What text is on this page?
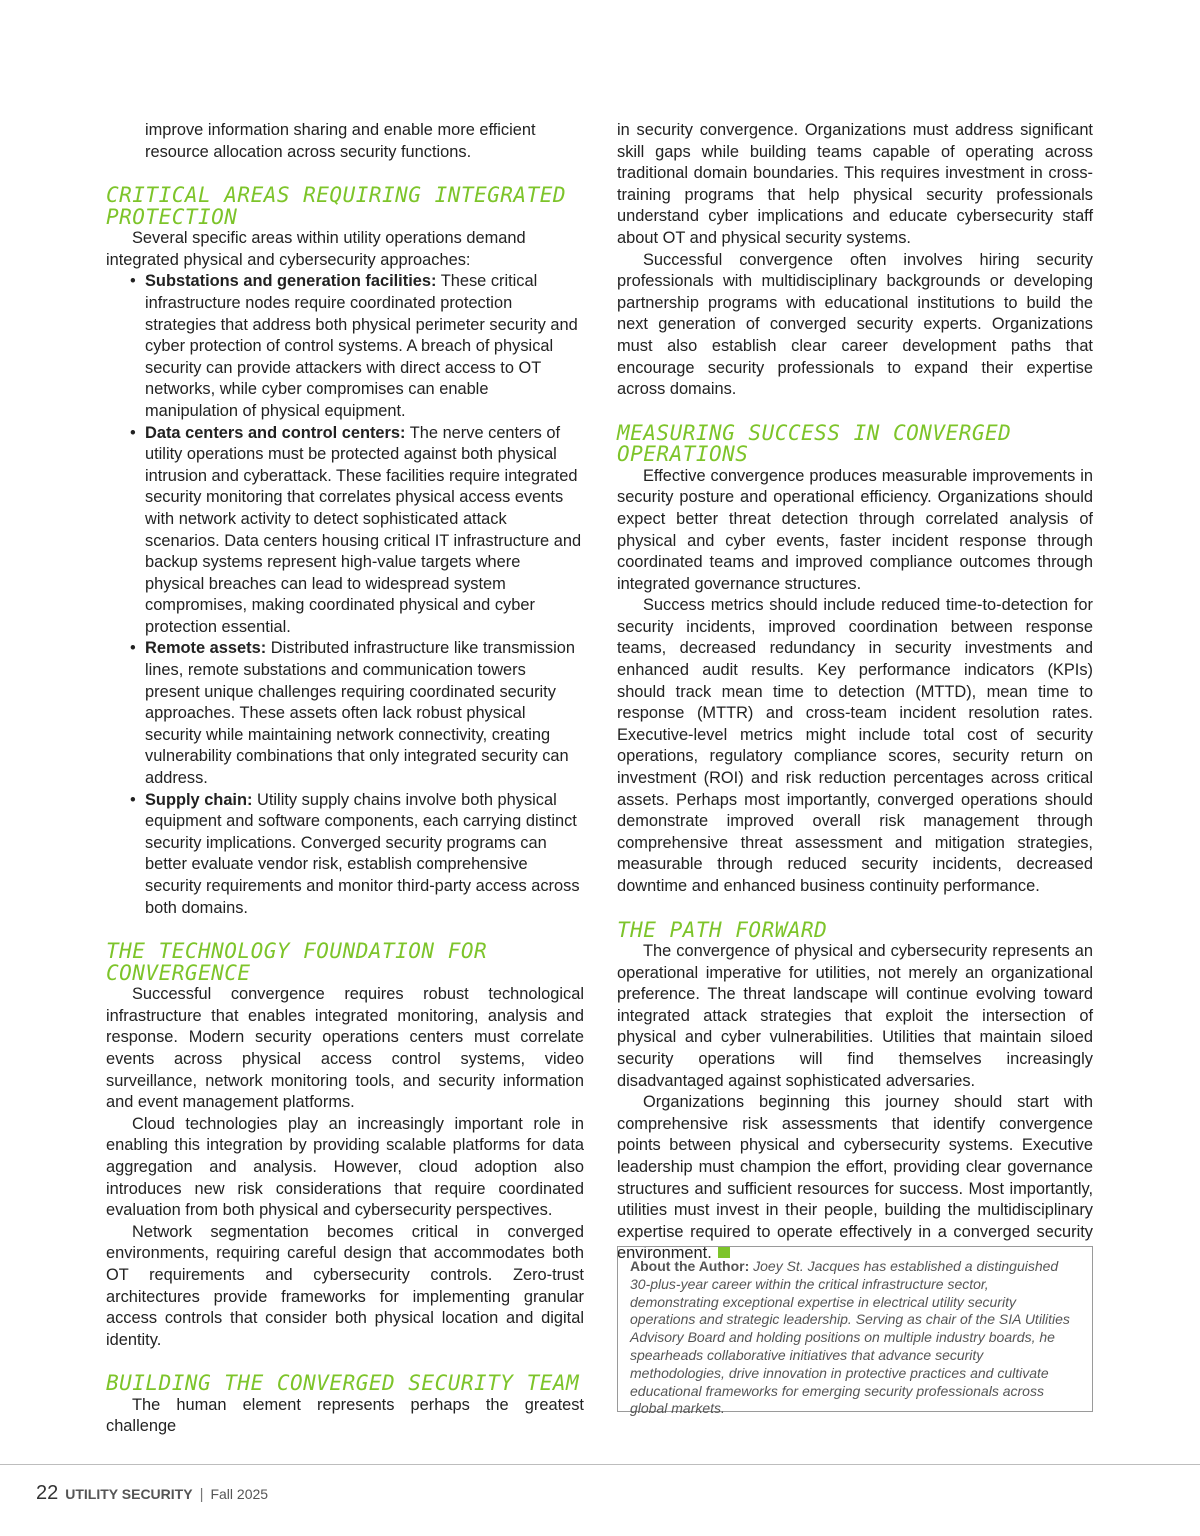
improve information sharing and enable more efficient resource allocation across security functions.

CRITICAL AREAS REQUIRING INTEGRATED PROTECTION

Several specific areas within utility operations demand integrated physical and cybersecurity approaches:

• Substations and generation facilities: These critical infrastructure nodes require coordinated protection strategies that address both physical perimeter security and cyber protection of control systems. A breach of physical security can provide attackers with direct access to OT networks, while cyber compromises can enable manipulation of physical equipment.
• Data centers and control centers: The nerve centers of utility operations must be protected against both physical intrusion and cyberattack. These facilities require integrated security monitoring that correlates physical access events with network activity to detect sophisticated attack scenarios. Data centers housing critical IT infrastructure and backup systems represent high-value targets where physical breaches can lead to widespread system compromises, making coordinated physical and cyber protection essential.
• Remote assets: Distributed infrastructure like transmission lines, remote substations and communication towers present unique challenges requiring coordinated security approaches. These assets often lack robust physical security while maintaining network connectivity, creating vulnerability combinations that only integrated security can address.
• Supply chain: Utility supply chains involve both physical equipment and software components, each carrying distinct security implications. Converged security programs can better evaluate vendor risk, establish comprehensive security requirements and monitor third-party access across both domains.
THE TECHNOLOGY FOUNDATION FOR CONVERGENCE

Successful convergence requires robust technological infrastructure that enables integrated monitoring, analysis and response. Modern security operations centers must correlate events across physical access control systems, video surveillance, network monitoring tools, and security information and event management platforms.

Cloud technologies play an increasingly important role in enabling this integration by providing scalable platforms for data aggregation and analysis. However, cloud adoption also introduces new risk considerations that require coordinated evaluation from both physical and cybersecurity perspectives.

Network segmentation becomes critical in converged environments, requiring careful design that accommodates both OT requirements and cybersecurity controls. Zero-trust architectures provide frameworks for implementing granular access controls that consider both physical location and digital identity.

BUILDING THE CONVERGED SECURITY TEAM

The human element represents perhaps the greatest challenge

in security convergence. Organizations must address significant skill gaps while building teams capable of operating across traditional domain boundaries. This requires investment in cross-training programs that help physical security professionals understand cyber implications and educate cybersecurity staff about OT and physical security systems.

Successful convergence often involves hiring security professionals with multidisciplinary backgrounds or developing partnership programs with educational institutions to build the next generation of converged security experts. Organizations must also establish clear career development paths that encourage security professionals to expand their expertise across domains.

MEASURING SUCCESS IN CONVERGED OPERATIONS

Effective convergence produces measurable improvements in security posture and operational efficiency. Organizations should expect better threat detection through correlated analysis of physical and cyber events, faster incident response through coordinated teams and improved compliance outcomes through integrated governance structures.

Success metrics should include reduced time-to-detection for security incidents, improved coordination between response teams, decreased redundancy in security investments and enhanced audit results. Key performance indicators (KPIs) should track mean time to detection (MTTD), mean time to response (MTTR) and cross-team incident resolution rates. Executive-level metrics might include total cost of security operations, regulatory compliance scores, security return on investment (ROI) and risk reduction percentages across critical assets. Perhaps most importantly, converged operations should demonstrate improved overall risk management through comprehensive threat assessment and mitigation strategies, measurable through reduced security incidents, decreased downtime and enhanced business continuity performance.

THE PATH FORWARD

The convergence of physical and cybersecurity represents an operational imperative for utilities, not merely an organizational preference. The threat landscape will continue evolving toward integrated attack strategies that exploit the intersection of physical and cyber vulnerabilities. Utilities that maintain siloed security operations will find themselves increasingly disadvantaged against sophisticated adversaries.

Organizations beginning this journey should start with comprehensive risk assessments that identify convergence points between physical and cybersecurity systems. Executive leadership must champion the effort, providing clear governance structures and sufficient resources for success. Most importantly, utilities must invest in their people, building the multidisciplinary expertise required to operate effectively in a converged security environment.

About the Author: Joey St. Jacques has established a distinguished 30-plus-year career within the critical infrastructure sector, demonstrating exceptional expertise in electrical utility security operations and strategic leadership. Serving as chair of the SIA Utilities Advisory Board and holding positions on multiple industry boards, he spearheads collaborative initiatives that advance security methodologies, drive innovation in protective practices and cultivate educational frameworks for emerging security professionals across global markets.
22 UTILITY SECURITY | Fall 2025
